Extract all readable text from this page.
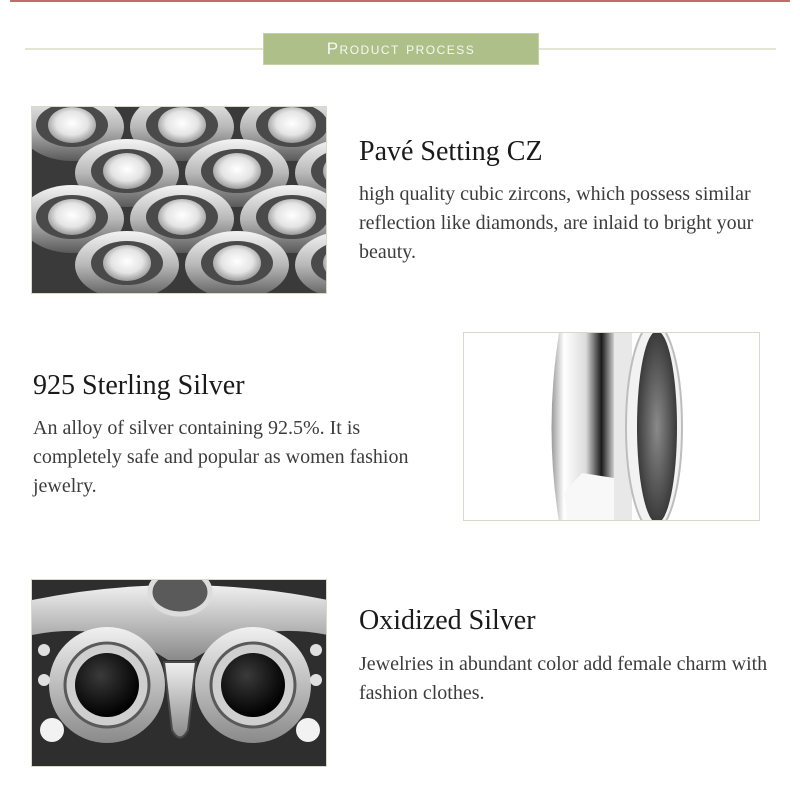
Product process
Pavé Setting CZ
high quality cubic zircons, which possess similar reflection like diamonds, are inlaid to bright your beauty.
925 Sterling Silver
An alloy of silver containing 92.5%. It is completely safe and popular as women fashion jewelry.
Oxidized Silver
Jewelries in abundant color add female charm with fashion clothes.
